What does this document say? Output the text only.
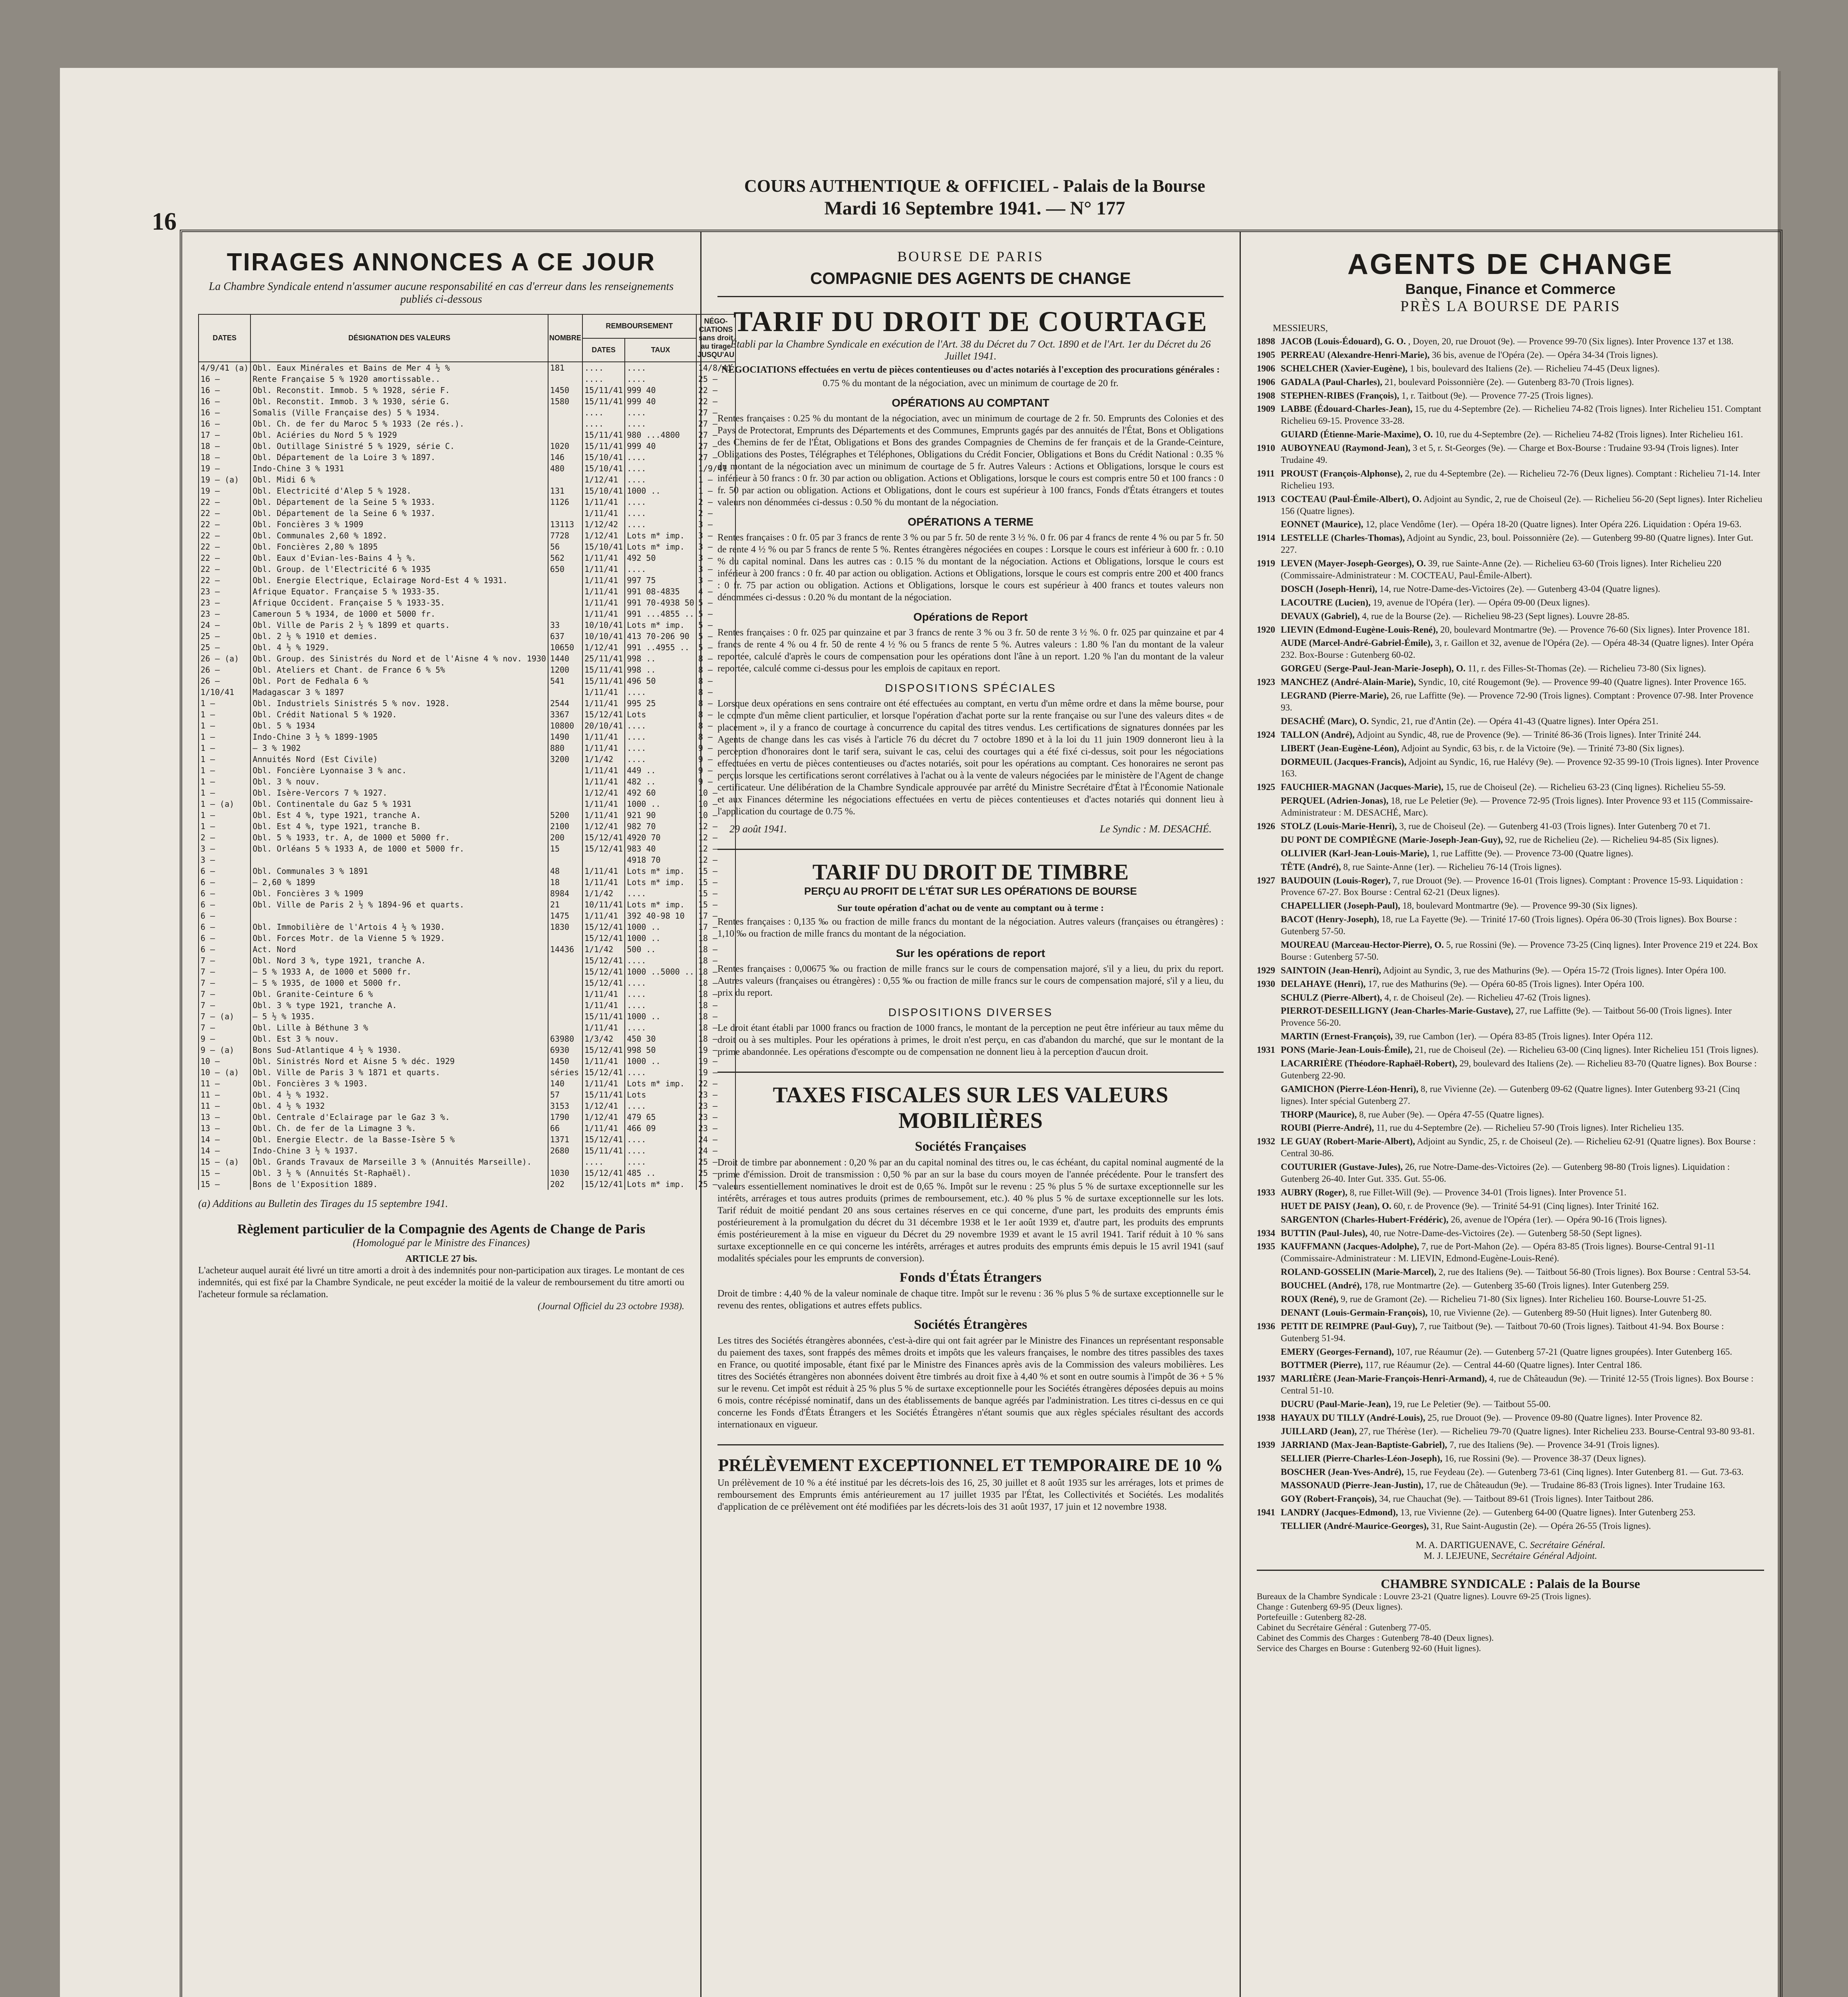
16
COURS AUTHENTIQUE & OFFICIEL - Palais de la Bourse
Mardi 16 Septembre 1941. — N° 177
TIRAGES ANNONCES A CE JOUR
La Chambre Syndicale entend n'assumer aucune responsabilité en cas d'erreur dans les renseignements publiés ci-dessous
DATES	DÉSIGNATION DES VALEURS	NOMBRE	REMBOURSEMENT		NÉGO-CIATIONS sans droit au tirage JUSQU'AU
			DATES	TAUX	
4/9/41 (a)	Obl. Eaux Minérales et Bains de Mer 4 ½ %	181	....	....	14/8/41
16 —	Rente Française 5 % 1920 amortissable..		....	....	25 —
16 —	Obl. Reconstit. Immob. 5 % 1928, série F.	1450	15/11/41	999 40	22 —
16 —	Obl. Reconstit. Immob. 3 % 1930, série G.	1580	15/11/41	999 40	22 —
16 —	Somalis (Ville Française des) 5 % 1934.		....	....	27 —
16 —	Obl. Ch. de fer du Maroc 5 % 1933 (2e rés.).		....	....	27 —
17 —	Obl. Aciéries du Nord 5 % 1929		15/11/41	980 ...4800	27 —
18 —	Obl. Outillage Sinistré 5 % 1929, série C.	1020	15/11/41	999 40	27 —
18 —	Obl. Département de la Loire 3 % 1897.	146	15/10/41	....	27 —
19 —	Indo-Chine 3 % 1931	480	15/10/41	....	1/9/41
19 — (a)	Obl. Midi 6 %		1/12/41	....	1 —
19 —	Obl. Electricité d'Alep 5 % 1928.	131	15/10/41	1000 ..	1 —
22 —	Obl. Département de la Seine 5 % 1933.	1126	1/11/41	....	2 —
22 —	Obl. Département de la Seine 6 % 1937.		1/11/41	....	2 —
22 —	Obl. Foncières 3 % 1909	13113	1/12/42	....	3 —
22 —	Obl. Communales 2,60 % 1892.	7728	1/12/41	Lots m* imp.	3 —
22 —	Obl. Foncières 2,80 % 1895	56	15/10/41	Lots m* imp.	3 —
22 —	Obl. Eaux d'Evian-les-Bains 4 ½ %.	562	1/11/41	492 50	3 —
22 —	Obl. Group. de l'Electricité 6 % 1935	650	1/11/41	....	3 —
22 —	Obl. Energie Electrique, Eclairage Nord-Est 4 % 1931.		1/11/41	997 75	3 —
23 —	Afrique Equator. Française 5 % 1933-35.		1/11/41	991 08-4835	4 —
23 —	Afrique Occident. Française 5 % 1933-35.		1/11/41	991 70-4938 50	5 —
23 —	Cameroun 5 % 1934, de 1000 et 5000 fr.		1/11/41	991 ...4855 ..	5 —
24 —	Obl. Ville de Paris 2 ½ % 1899 et quarts.	33	10/10/41	Lots m* imp.	5 —
25 —	Obl. 2 ½ % 1910 et demies.	637	10/10/41	413 70-206 90	5 —
25 —	Obl. 4 ½ % 1929.	10650	1/12/41	991 ..4955 ..	5 —
26 — (a)	Obl. Group. des Sinistrés du Nord et de l'Aisne 4 % nov. 1930	1440	25/11/41	998 ..	8 —
26 —	Obl. Ateliers et Chant. de France 6 % 5%	1200	15/11/41	998 ..	8 —
26 —	Obl. Port de Fedhala 6 %	541	15/11/41	496 50	8 —
1/10/41	Madagascar 3 % 1897		1/11/41	....	8 —
1 —	Obl. Industriels Sinistrés 5 % nov. 1928.	2544	1/11/41	995 25	8 —
1 —	Obl. Crédit National 5 % 1920.	3367	15/12/41	Lots	8 —
1 —	Obl. 5 % 1934	10800	20/10/41	....	8 —
1 —	Indo-Chine 3 ½ % 1899-1905	1490	1/11/41	....	8 —
1 —	— 3 % 1902	880	1/11/41	....	9 —
1 —	Annuités Nord (Est Civile)	3200	1/1/42	....	9 —
1 —	Obl. Foncière Lyonnaise 3 % anc.		1/11/41	449 ..	9 —
1 —	Obl. 3 % nouv.		1/11/41	482 ..	9 —
1 —	Obl. Isère-Vercors 7 % 1927.		1/12/41	492 60	10 —
1 — (a)	Obl. Continentale du Gaz 5 % 1931		1/11/41	1000 ..	10 —
1 —	Obl. Est 4 %, type 1921, tranche A.	5200	1/11/41	921 90	10 —
1 —	Obl. Est 4 %, type 1921, tranche B.	2100	1/12/41	982 70	12 —
2 —	Obl. 5 % 1933, tr. A, de 1000 et 5000 fr.	200	15/12/41	4920 70	12 —
3 —	Obl. Orléans 5 % 1933 A, de 1000 et 5000 fr.	15	15/12/41	983 40	12 —
3 —				4918 70	12 —
6 —	Obl. Communales 3 % 1891	48	1/11/41	Lots m* imp.	15 —
6 —	— 2,60 % 1899	18	1/11/41	Lots m* imp.	15 —
6 —	Obl. Foncières 3 % 1909	8984	1/1/42	....	15 —
6 —	Obl. Ville de Paris 2 ½ % 1894-96 et quarts.	21	10/11/41	Lots m* imp.	15 —
6 —		1475	1/11/41	392 40-98 10	17 —
6 —	Obl. Immobilière de l'Artois 4 ½ % 1930.	1830	15/12/41	1000 ..	17 —
6 —	Obl. Forces Motr. de la Vienne 5 % 1929.		15/12/41	1000 ..	18 —
6 —	Act. Nord	14436	1/1/42	500 ..	18 —
7 —	Obl. Nord 3 %, type 1921, tranche A.		15/12/41	....	18 —
7 —	— 5 % 1933 A, de 1000 et 5000 fr.		15/12/41	1000 ..5000 ..	18 —
7 —	— 5 % 1935, de 1000 et 5000 fr.		15/12/41	....	18 —
7 —	Obl. Granite-Ceinture 6 %		1/11/41	....	18 —
7 —	Obl. 3 % type 1921, tranche A.		1/11/41	....	18 —
7 — (a)	— 5 ½ % 1935.		15/11/41	1000 ..	18 —
7 —	Obl. Lille à Béthune 3 %		1/11/41	....	18 —
9 —	Obl. Est 3 % nouv.	63980	1/3/42	450 30	18 —
9 — (a)	Bons Sud-Atlantique 4 ½ % 1930.	6930	15/12/41	998 50	19 —
10 —	Obl. Sinistrés Nord et Aisne 5 % déc. 1929	1450	1/11/41	1000 ..	19 —
10 — (a)	Obl. Ville de Paris 3 % 1871 et quarts.	séries	15/12/41	....	19 —
11 —	Obl. Foncières 3 % 1903.	140	1/11/41	Lots m* imp.	22 —
11 —	Obl. 4 ½ % 1932.	57	15/11/41	Lots	23 —
11 —	Obl. 4 ½ % 1932	3153	1/12/41	....	23 —
13 —	Obl. Centrale d'Eclairage par le Gaz 3 %.	1790	1/12/41	479 65	23 —
13 —	Obl. Ch. de fer de la Limagne 3 %.	66	1/11/41	466 09	23 —
14 —	Obl. Energie Electr. de la Basse-Isère 5 %	1371	15/12/41	....	24 —
14 —	Indo-Chine 3 ½ % 1937.	2680	15/11/41	....	24 —
15 — (a)	Obl. Grands Travaux de Marseille 3 % (Annuités Marseille).		....	....	25 —
15 —	Obl. 3 ½ % (Annuités St-Raphaël).	1030	15/12/41	485 ..	25 —
15 —	Bons de l'Exposition 1889.	202	15/12/41	Lots m* imp.	25 —
(a) Additions au Bulletin des Tirages du 15 septembre 1941.
Règlement particulier de la Compagnie des Agents de Change de Paris
(Homologué par le Ministre des Finances)
ARTICLE 27 bis.
L'acheteur auquel aurait été livré un titre amorti a droit à des indemnités pour non-participation aux tirages. Le montant de ces indemnités, qui est fixé par la Chambre Syndicale, ne peut excéder la moitié de la valeur de remboursement du titre amorti ou l'acheteur formule sa réclamation.
(Journal Officiel du 23 octobre 1938).
BOURSE DE PARIS
COMPAGNIE DES AGENTS DE CHANGE
TARIF DU DROIT DE COURTAGE
Établi par la Chambre Syndicale en exécution de l'Art. 38 du Décret du 7 Oct. 1890 et de l'Art. 1er du Décret du 26 Juillet 1941.
NÉGOCIATIONS effectuées en vertu de pièces contentieuses ou d'actes notariés à l'exception des procurations générales :
0.75 % du montant de la négociation, avec un minimum de courtage de 20 fr.
OPÉRATIONS AU COMPTANT
Rentes françaises : 0.25 % du montant de la négociation, avec un minimum de courtage de 2 fr. 50. Emprunts des Colonies et des Pays de Protectorat, Emprunts des Départements et des Communes, Emprunts gagés par des annuités de l'État, Bons et Obligations des Chemins de fer de l'État, Obligations et Bons des grandes Compagnies de Chemins de fer français et de la Grande-Ceinture, Obligations des Postes, Télégraphes et Téléphones, Obligations du Crédit Foncier, Obligations et Bons du Crédit National : 0.35 % du montant de la négociation avec un minimum de courtage de 5 fr. Autres Valeurs : Actions et Obligations, lorsque le cours est inférieur à 50 francs : 0 fr. 30 par action ou obligation. Actions et Obligations, lorsque le cours est compris entre 50 et 100 francs : 0 fr. 50 par action ou obligation. Actions et Obligations, dont le cours est supérieur à 100 francs, Fonds d'États étrangers et toutes valeurs non dénommées ci-dessus : 0.50 % du montant de la négociation.
OPÉRATIONS A TERME
Rentes françaises : 0 fr. 05 par 3 francs de rente 3 % ou par 5 fr. 50 de rente 3 ½ %. 0 fr. 06 par 4 francs de rente 4 % ou par 5 fr. 50 de rente 4 ½ % ou par 5 francs de rente 5 %. Rentes étrangères négociées en coupes : Lorsque le cours est inférieur à 600 fr. : 0.10 % du capital nominal. Dans les autres cas : 0.15 % du montant de la négociation. Actions et Obligations, lorsque le cours est inférieur à 200 francs : 0 fr. 40 par action ou obligation. Actions et Obligations, lorsque le cours est compris entre 200 et 400 francs : 0 fr. 75 par action ou obligation. Actions et Obligations, lorsque le cours est supérieur à 400 francs et toutes valeurs non dénommées ci-dessus : 0.20 % du montant de la négociation.
Opérations de Report
Rentes françaises : 0 fr. 025 par quinzaine et par 3 francs de rente 3 % ou 3 fr. 50 de rente 3 ½ %. 0 fr. 025 par quinzaine et par 4 francs de rente 4 % ou 4 fr. 50 de rente 4 ½ % ou 5 francs de rente 5 %. Autres valeurs : 1.80 % l'an du montant de la valeur reportée, calculé d'après le cours de compensation pour les opérations dont l'âne à un report. 1.20 % l'an du montant de la valeur reportée, calculé comme ci-dessus pour les emplois de capitaux en report.
DISPOSITIONS SPÉCIALES
Lorsque deux opérations en sens contraire ont été effectuées au comptant, en vertu d'un même ordre et dans la même bourse, pour le compte d'un même client particulier, et lorsque l'opération d'achat porte sur la rente française ou sur l'une des valeurs dites « de placement », il y a franco de courtage à concurrence du capital des titres vendus. Les certifications de signatures données par les Agents de change dans les cas visés à l'article 76 du décret du 7 octobre 1890 et à la loi du 11 juin 1909 donneront lieu à la perception d'honoraires dont le tarif sera, suivant le cas, celui des courtages qui a été fixé ci-dessus, soit pour les négociations effectuées en vertu de pièces contentieuses ou d'actes notariés, soit pour les opérations au comptant. Ces honoraires ne seront pas perçus lorsque les certifications seront corrélatives à l'achat ou à la vente de valeurs négociées par le ministère de l'Agent de change certificateur. Une délibération de la Chambre Syndicale approuvée par arrêté du Ministre Secrétaire d'État à l'Économie Nationale et aux Finances détermine les négociations effectuées en vertu de pièces contentieuses et d'actes notariés qui donnent lieu à l'application du courtage de 0.75 %.
29 août 1941.	Le Syndic : M. DESACHÉ.
TARIF DU DROIT DE TIMBRE
PERÇU AU PROFIT DE L'ÉTAT SUR LES OPÉRATIONS DE BOURSE
Sur toute opération d'achat ou de vente au comptant ou à terme :
Rentes françaises : 0,135 ‰ ou fraction de mille francs du montant de la négociation. Autres valeurs (françaises ou étrangères) : 1,10 ‰ ou fraction de mille francs du montant de la négociation.
Sur les opérations de report
Rentes françaises : 0,00675 ‰ ou fraction de mille francs sur le cours de compensation majoré, s'il y a lieu, du prix du report. Autres valeurs (françaises ou étrangères) : 0,55 ‰ ou fraction de mille francs sur le cours de compensation majoré, s'il y a lieu, du prix du report.
DISPOSITIONS DIVERSES
Le droit étant établi par 1000 francs ou fraction de 1000 francs, le montant de la perception ne peut être inférieur au taux même du droit ou à ses multiples. Pour les opérations à primes, le droit n'est perçu, en cas d'abandon du marché, que sur le montant de la prime abandonnée. Les opérations d'escompte ou de compensation ne donnent lieu à la perception d'aucun droit.
TAXES FISCALES SUR LES VALEURS MOBILIÈRES
Sociétés Françaises
Droit de timbre par abonnement : 0,20 % par an du capital nominal des titres ou, le cas échéant, du capital nominal augmenté de la prime d'émission. Droit de transmission : 0,50 % par an sur la base du cours moyen de l'année précédente. Pour le transfert des valeurs essentiellement nominatives le droit est de 0,65 %. Impôt sur le revenu : 25 % plus 5 % de surtaxe exceptionnelle sur les intérêts, arrérages et tous autres produits (primes de remboursement, etc.). 40 % plus 5 % de surtaxe exceptionnelle sur les lots. Tarif réduit de moitié pendant 20 ans sous certaines réserves en ce qui concerne, d'une part, les produits des emprunts émis postérieurement à la promulgation du décret du 31 décembre 1938 et le 1er août 1939 et, d'autre part, les produits des emprunts émis postérieurement à la mise en vigueur du Décret du 29 novembre 1939 et avant le 15 avril 1941. Tarif réduit à 10 % sans surtaxe exceptionnelle en ce qui concerne les intérêts, arrérages et autres produits des emprunts émis depuis le 15 avril 1941 (sauf modalités spéciales pour les emprunts de conversion).
Fonds d'États Étrangers
Droit de timbre : 4,40 % de la valeur nominale de chaque titre. Impôt sur le revenu : 36 % plus 5 % de surtaxe exceptionnelle sur le revenu des rentes, obligations et autres effets publics.
Sociétés Étrangères
Les titres des Sociétés étrangères abonnées, c'est-à-dire qui ont fait agréer par le Ministre des Finances un représentant responsable du paiement des taxes, sont frappés des mêmes droits et impôts que les valeurs françaises, le nombre des titres passibles des taxes en France, ou quotité imposable, étant fixé par le Ministre des Finances après avis de la Commission des valeurs mobilières. Les titres des Sociétés étrangères non abonnées doivent être timbrés au droit fixe à 4,40 % et sont en outre soumis à l'impôt de 36 + 5 % sur le revenu. Cet impôt est réduit à 25 % plus 5 % de surtaxe exceptionnelle pour les Sociétés étrangères déposées depuis au moins 6 mois, contre récépissé nominatif, dans un des établissements de banque agréés par l'administration. Les titres ci-dessus en ce qui concerne les Fonds d'États Étrangers et les Sociétés Étrangères n'étant soumis que aux règles spéciales résultant des accords internationaux en vigueur.
PRÉLÈVEMENT EXCEPTIONNEL ET TEMPORAIRE DE 10 %
Un prélèvement de 10 % a été institué par les décrets-lois des 16, 25, 30 juillet et 8 août 1935 sur les arrérages, lots et primes de remboursement des Emprunts émis antérieurement au 17 juillet 1935 par l'État, les Collectivités et Sociétés. Les modalités d'application de ce prélèvement ont été modifiées par les décrets-lois des 31 août 1937, 17 juin et 12 novembre 1938.
AGENTS DE CHANGE
Banque, Finance et Commerce
PRÈS LA BOURSE DE PARIS
MESSIEURS,
1898 JACOB (Louis-Édouard), G. O. , Doyen, 20, rue Drouot (9e). — Provence 99-70 (Six lignes). Inter Provence 137 et 138.
1905 PERREAU (Alexandre-Henri-Marie), 36 bis, avenue de l'Opéra (2e). — Opéra 34-34 (Trois lignes).
1906 SCHELCHER (Xavier-Eugène), 1 bis, boulevard des Italiens (2e). — Richelieu 74-45 (Deux lignes).
1906 GADALA (Paul-Charles), 21, boulevard Poissonnière (2e). — Gutenberg 83-70 (Trois lignes).
1908 STEPHEN-RIBES (François), 1, r. Taitbout (9e). — Provence 77-25 (Trois lignes).
1909 LABBE (Édouard-Charles-Jean), 15, rue du 4-Septembre (2e). — Richelieu 74-82 (Trois lignes). Inter Richelieu 151. Comptant Richelieu 69-15. Provence 33-28.
GUIARD (Étienne-Marie-Maxime), O. 10, rue du 4-Septembre (2e). — Richelieu 74-82 (Trois lignes). Inter Richelieu 161.
1910 AUBOYNEAU (Raymond-Jean), 3 et 5, r. St-Georges (9e). — Charge et Box-Bourse : Trudaine 93-94 (Trois lignes). Inter Trudaine 49.
1911 PROUST (François-Alphonse), 2, rue du 4-Septembre (2e). — Richelieu 72-76 (Deux lignes). Comptant : Richelieu 71-14. Inter Richelieu 193.
1913 COCTEAU (Paul-Émile-Albert), O. Adjoint au Syndic, 2, rue de Choiseul (2e). — Richelieu 56-20 (Sept lignes). Inter Richelieu 156 (Quatre lignes).
EONNET (Maurice), 12, place Vendôme (1er). — Opéra 18-20 (Quatre lignes). Inter Opéra 226. Liquidation : Opéra 19-63.
1914 LESTELLE (Charles-Thomas), Adjoint au Syndic, 23, boul. Poissonnière (2e). — Gutenberg 99-80 (Quatre lignes). Inter Gut. 227.
1919 LEVEN (Mayer-Joseph-Georges), O. 39, rue Sainte-Anne (2e). — Richelieu 63-60 (Trois lignes). Inter Richelieu 220 (Commissaire-Administrateur : M. COCTEAU, Paul-Émile-Albert).
DOSCH (Joseph-Henri), 14, rue Notre-Dame-des-Victoires (2e). — Gutenberg 43-04 (Quatre lignes).
LACOUTRE (Lucien), 19, avenue de l'Opéra (1er). — Opéra 09-00 (Deux lignes).
DEVAUX (Gabriel), 4, rue de la Bourse (2e). — Richelieu 98-23 (Sept lignes). Louvre 28-85.
1920 LIEVIN (Edmond-Eugène-Louis-René), 20, boulevard Montmartre (9e). — Provence 76-60 (Six lignes). Inter Provence 181.
AUDE (Marcel-André-Gabriel-Émile), 3, r. Gaillon et 32, avenue de l'Opéra (2e). — Opéra 48-34 (Quatre lignes). Inter Opéra 232. Box-Bourse : Gutenberg 60-02.
GORGEU (Serge-Paul-Jean-Marie-Joseph), O. 11, r. des Filles-St-Thomas (2e). — Richelieu 73-80 (Six lignes).
1923 MANCHEZ (André-Alain-Marie), Syndic, 10, cité Rougemont (9e). — Provence 99-40 (Quatre lignes). Inter Provence 165.
LEGRAND (Pierre-Marie), 26, rue Laffitte (9e). — Provence 72-90 (Trois lignes). Comptant : Provence 07-98. Inter Provence 93.
DESACHÉ (Marc), O. Syndic, 21, rue d'Antin (2e). — Opéra 41-43 (Quatre lignes). Inter Opéra 251.
1924 TALLON (André), Adjoint au Syndic, 48, rue de Provence (9e). — Trinité 86-36 (Trois lignes). Inter Trinité 244.
LIBERT (Jean-Eugène-Léon), Adjoint au Syndic, 63 bis, r. de la Victoire (9e). — Trinité 73-80 (Six lignes).
DORMEUIL (Jacques-Francis), Adjoint au Syndic, 16, rue Halévy (9e). — Provence 92-35 99-10 (Trois lignes). Inter Provence 163.
1925 FAUCHIER-MAGNAN (Jacques-Marie), 15, rue de Choiseul (2e). — Richelieu 63-23 (Cinq lignes). Richelieu 55-59.
PERQUEL (Adrien-Jonas), 18, rue Le Peletier (9e). — Provence 72-95 (Trois lignes). Inter Provence 93 et 115 (Commissaire-Administrateur : M. DESACHÉ, Marc).
1926 STOLZ (Louis-Marie-Henri), 3, rue de Choiseul (2e). — Gutenberg 41-03 (Trois lignes). Inter Gutenberg 70 et 71.
DU PONT DE COMPIÈGNE (Marie-Joseph-Jean-Guy), 92, rue de Richelieu (2e). — Richelieu 94-85 (Six lignes).
OLLIVIER (Karl-Jean-Louis-Marie), 1, rue Laffitte (9e). — Provence 73-00 (Quatre lignes).
TÊTE (André), 8, rue Sainte-Anne (1er). — Richelieu 76-14 (Trois lignes).
1927 BAUDOUIN (Louis-Roger), 7, rue Drouot (9e). — Provence 16-01 (Trois lignes). Comptant : Provence 15-93. Liquidation : Provence 67-27. Box Bourse : Central 62-21 (Deux lignes).
CHAPELLIER (Joseph-Paul), 18, boulevard Montmartre (9e). — Provence 99-30 (Six lignes).
BACOT (Henry-Joseph), 18, rue La Fayette (9e). — Trinité 17-60 (Trois lignes). Opéra 06-30 (Trois lignes). Box Bourse : Gutenberg 57-50.
MOUREAU (Marceau-Hector-Pierre), O. 5, rue Rossini (9e). — Provence 73-25 (Cinq lignes). Inter Provence 219 et 224. Box Bourse : Gutenberg 57-50.
1929 SAINTOIN (Jean-Henri), Adjoint au Syndic, 3, rue des Mathurins (9e). — Opéra 15-72 (Trois lignes). Inter Opéra 100.
1930 DELAHAYE (Henri), 17, rue des Mathurins (9e). — Opéra 60-85 (Trois lignes). Inter Opéra 100.
SCHULZ (Pierre-Albert), 4, r. de Choiseul (2e). — Richelieu 47-62 (Trois lignes).
PIERROT-DESEILLIGNY (Jean-Charles-Marie-Gustave), 27, rue Laffitte (9e). — Taitbout 56-00 (Trois lignes). Inter Provence 56-20.
MARTIN (Ernest-François), 39, rue Cambon (1er). — Opéra 83-85 (Trois lignes). Inter Opéra 112.
1931 PONS (Marie-Jean-Louis-Émile), 21, rue de Choiseul (2e). — Richelieu 63-00 (Cinq lignes). Inter Richelieu 151 (Trois lignes).
LACARRIÈRE (Théodore-Raphaël-Robert), 29, boulevard des Italiens (2e). — Richelieu 83-70 (Quatre lignes). Box Bourse : Gutenberg 22-90.
GAMICHON (Pierre-Léon-Henri), 8, rue Vivienne (2e). — Gutenberg 09-62 (Quatre lignes). Inter Gutenberg 93-21 (Cinq lignes). Inter spécial Gutenberg 27.
THORP (Maurice), 8, rue Auber (9e). — Opéra 47-55 (Quatre lignes).
ROUBI (Pierre-André), 11, rue du 4-Septembre (2e). — Richelieu 57-90 (Trois lignes). Inter Richelieu 135.
1932 LE GUAY (Robert-Marie-Albert), Adjoint au Syndic, 25, r. de Choiseul (2e). — Richelieu 62-91 (Quatre lignes). Box Bourse : Central 30-86.
COUTURIER (Gustave-Jules), 26, rue Notre-Dame-des-Victoires (2e). — Gutenberg 98-80 (Trois lignes). Liquidation : Gutenberg 26-40. Inter Gut. 335. Gut. 55-06.
1933 AUBRY (Roger), 8, rue Fillet-Will (9e). — Provence 34-01 (Trois lignes). Inter Provence 51.
HUET DE PAISY (Jean), O. 60, r. de Provence (9e). — Trinité 54-91 (Cinq lignes). Inter Trinité 162.
SARGENTON (Charles-Hubert-Frédéric), 26, avenue de l'Opéra (1er). — Opéra 90-16 (Trois lignes).
1934 BUTTIN (Paul-Jules), 40, rue Notre-Dame-des-Victoires (2e). — Gutenberg 58-50 (Sept lignes).
1935 KAUFFMANN (Jacques-Adolphe), 7, rue de Port-Mahon (2e). — Opéra 83-85 (Trois lignes). Bourse-Central 91-11 (Commissaire-Administrateur : M. LIEVIN, Edmond-Eugène-Louis-René).
ROLAND-GOSSELIN (Marie-Marcel), 2, rue des Italiens (9e). — Taitbout 56-80 (Trois lignes). Box Bourse : Central 53-54.
BOUCHEL (André), 178, rue Montmartre (2e). — Gutenberg 35-60 (Trois lignes). Inter Gutenberg 259.
ROUX (René), 9, rue de Gramont (2e). — Richelieu 71-80 (Six lignes). Inter Richelieu 160. Bourse-Louvre 51-25.
DENANT (Louis-Germain-François), 10, rue Vivienne (2e). — Gutenberg 89-50 (Huit lignes). Inter Gutenberg 80.
1936 PETIT DE REIMPRE (Paul-Guy), 7, rue Taitbout (9e). — Taitbout 70-60 (Trois lignes). Taitbout 41-94. Box Bourse : Gutenberg 51-94.
EMERY (Georges-Fernand), 107, rue Réaumur (2e). — Gutenberg 57-21 (Quatre lignes groupées). Inter Gutenberg 165.
BOTTMER (Pierre), 117, rue Réaumur (2e). — Central 44-60 (Quatre lignes). Inter Central 186.
1937 MARLIÈRE (Jean-Marie-François-Henri-Armand), 4, rue de Châteaudun (9e). — Trinité 12-55 (Trois lignes). Box Bourse : Central 51-10.
DUCRU (Paul-Marie-Jean), 19, rue Le Peletier (9e). — Taitbout 55-00.
1938 HAYAUX DU TILLY (André-Louis), 25, rue Drouot (9e). — Provence 09-80 (Quatre lignes). Inter Provence 82.
JUILLARD (Jean), 27, rue Thérèse (1er). — Richelieu 79-70 (Quatre lignes). Inter Richelieu 233. Bourse-Central 93-80 93-81.
1939 JARRIAND (Max-Jean-Baptiste-Gabriel), 7, rue des Italiens (9e). — Provence 34-91 (Trois lignes).
SELLIER (Pierre-Charles-Léon-Joseph), 16, rue Rossini (9e). — Provence 38-37 (Deux lignes).
BOSCHER (Jean-Yves-André), 15, rue Feydeau (2e). — Gutenberg 73-61 (Cinq lignes). Inter Gutenberg 81. — Gut. 73-63.
MASSONAUD (Pierre-Jean-Justin), 17, rue de Châteaudun (9e). — Trudaine 86-83 (Trois lignes). Inter Trudaine 163.
GOY (Robert-François), 34, rue Chauchat (9e). — Taitbout 89-61 (Trois lignes). Inter Taitbout 286.
1941 LANDRY (Jacques-Edmond), 13, rue Vivienne (2e). — Gutenberg 64-00 (Quatre lignes). Inter Gutenberg 253.
TELLIER (André-Maurice-Georges), 31, Rue Saint-Augustin (2e). — Opéra 26-55 (Trois lignes).
M. A. DARTIGUENAVE, C. Secrétaire Général.
M. J. LEJEUNE, Secrétaire Général Adjoint.
CHAMBRE SYNDICALE : Palais de la Bourse
Bureaux de la Chambre Syndicale : Louvre 23-21 (Quatre lignes). Louvre 69-25 (Trois lignes).
Change : Gutenberg 69-95 (Deux lignes).
Portefeuille : Gutenberg 82-28.
Cabinet du Secrétaire Général : Gutenberg 77-05.
Cabinet des Commis des Charges : Gutenberg 78-40 (Deux lignes).
Service des Charges en Bourse : Gutenberg 92-60 (Huit lignes).
